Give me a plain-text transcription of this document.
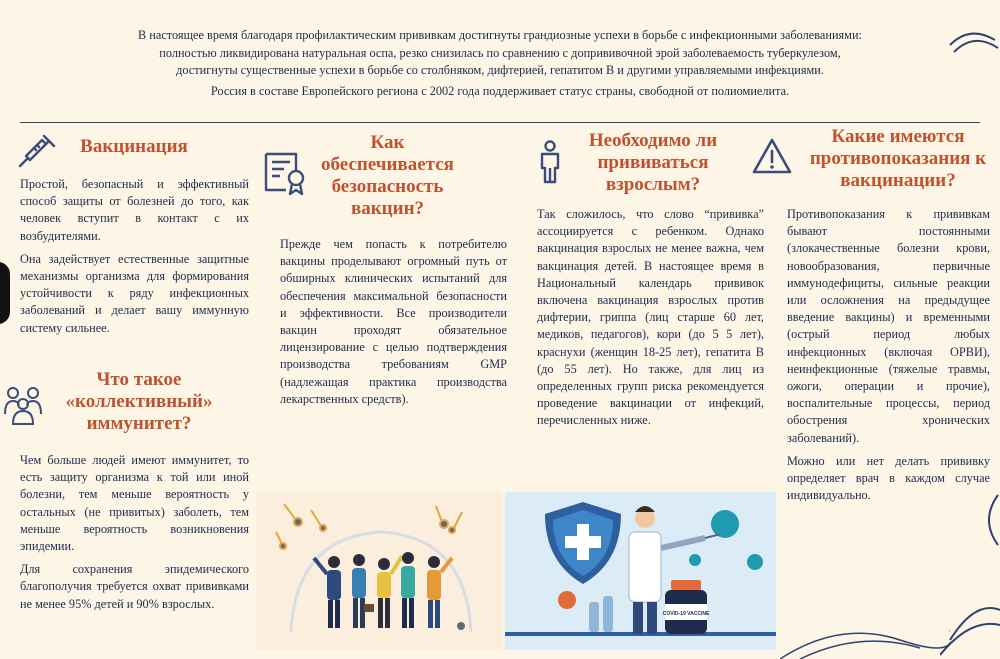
В настоящее время благодаря профилактическим прививкам достигнуты грандиозные успехи в борьбе с инфекционными заболеваниями:

полностью ликвидирована натуральная оспа, резко снизилась по сравнению с допрививочной эрой заболеваемость туберкулезом,

достигнуты существенные успехи в борьбе со столбняком, дифтерией, гепатитом В и другими управляемыми инфекциями.

Россия в составе Европейского региона с 2002 года поддерживает статус страны, свободной от полиомиелита.

Вакцинация

Простой, безопасный и эффективный способ защиты от болезней до того, как человек вступит в контакт с их возбудителями.

Она задействует естественные защитные механизмы организма для формирования устойчивости к ряду инфекционных заболеваний и делает вашу иммунную систему сильнее.

Что такое
«коллективный»
иммунитет?

Чем больше людей имеют иммунитет, то есть защиту организма к той или иной болезни, тем меньше вероятность у остальных (не привитых) заболеть, тем меньше вероятность возникновения эпидемии.

Для сохранения эпидемического благополучия требуется охват прививками не менее 95% детей и 90% взрослых.

Как
обеспечивается
безопасность
вакцин?

Прежде чем попасть к потребителю вакцины проделывают огромный путь от обширных клинических испытаний для обеспечения максимальной безопасности и эффективности. Все производители вакцин проходят обязательное лицензирование с целью подтверждения производства требованиям GMP (надлежащая практика производства лекарственных средств).

Необходимо ли
прививаться
взрослым?

Так сложилось, что слово “прививка” ассоциируется с ребенком. Однако вакцинация взрослых не менее важна, чем вакцинация детей. В настоящее время в Национальный календарь прививок включена вакцинация взрослых против дифтерии, гриппа (лиц старше 60 лет, медиков, педагогов), кори (до 5 5 лет), краснухи (женщин 18-25 лет), гепатита В (до 55 лет). Но также, для лиц из определенных групп риска рекомендуется проведение вакцинации от инфекций, перечисленных ниже.

Какие имеются
противопоказания к
вакцинации?

Противопоказания к прививкам бывают постоянными (злокачественные болезни крови, новообразования, первичные иммунодефициты, сильные реакции или осложнения на предыдущее введение вакцины) и временными (острый период любых инфекционных (включая ОРВИ), неинфекционные (тяжелые травмы, ожоги, операции и прочие), воспалительные процессы, период обострения хронических заболеваний).

Можно или нет делать прививку определяет врач в каждом случае индивидуально.

COVID-19 VACCINE
